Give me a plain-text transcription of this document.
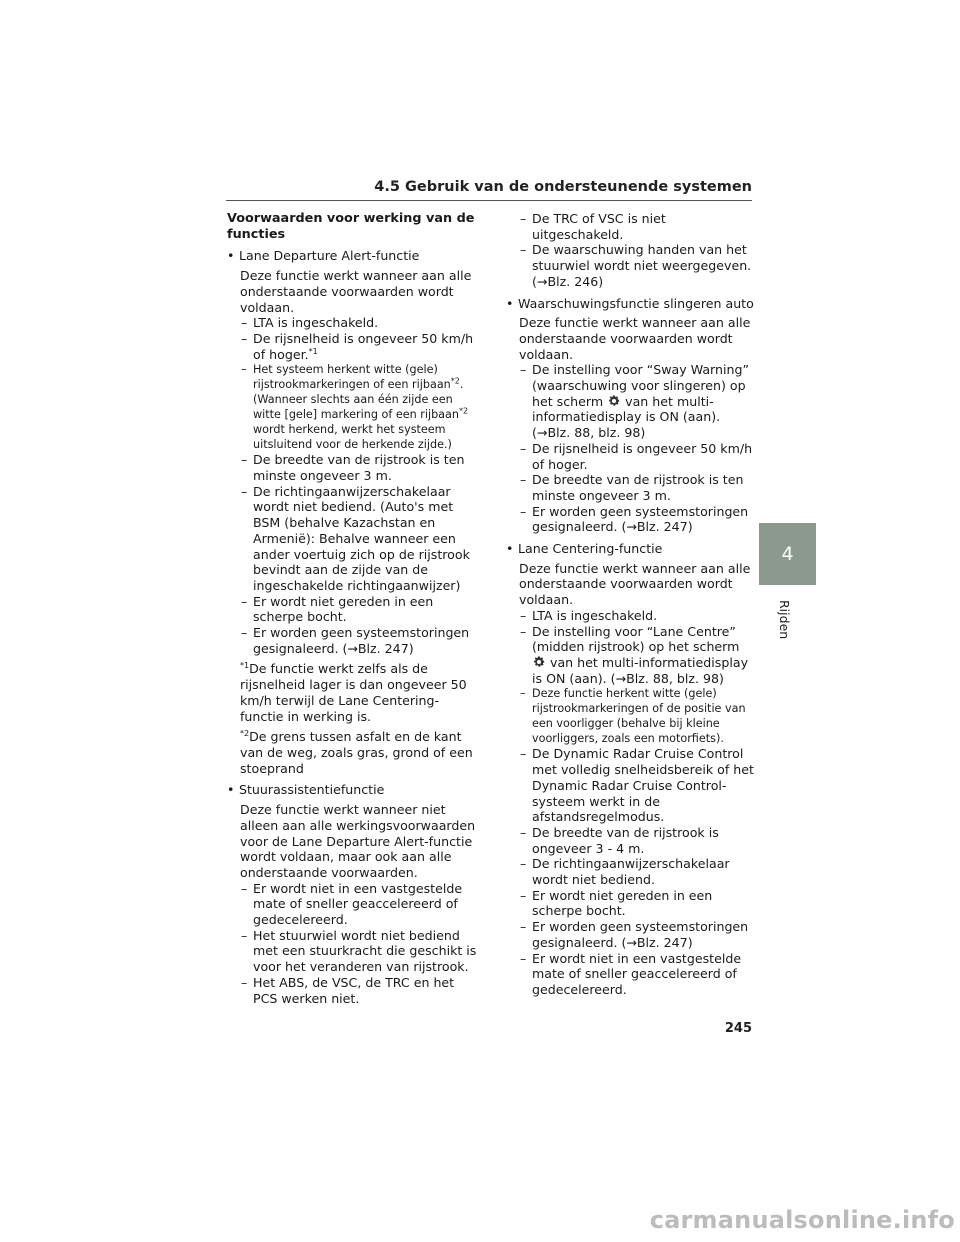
4.5 Gebruik van de ondersteunende systemen
Voorwaarden voor werking van de functies
• Lane Departure Alert-functie
Deze functie werkt wanneer aan alle onderstaande voorwaarden wordt voldaan.
– LTA is ingeschakeld.
– De rijsnelheid is ongeveer 50 km/h of hoger.$^{*1}$
– Het systeem herkent witte (gele) rijstrookmarkeringen of een rijbaan$^{*2}$. (Wanneer slechts aan één zijde een witte [gele] markering of een rijbaan$^{*2}$ wordt herkend, werkt het systeem uitsluitend voor de herkende zijde.)
– De breedte van de rijstrook is ten minste ongeveer 3 m.
– De richtingaanwijzerschakelaar wordt niet bediend. (Auto's met BSM (behalve Kazachstan en Armenië): Behalve wanneer een ander voertuig zich op de rijstrook bevindt aan de zijde van de ingeschakelde richtingaanwijzer)
– Er wordt niet gereden in een scherpe bocht.
– Er worden geen systeemstoringen gesignaleerd. (→Blz. 247)
$^{*1}$De functie werkt zelfs als de rijsnelheid lager is dan ongeveer 50 km/h terwijl de Lane Centering-functie in werking is.
$^{*2}$De grens tussen asfalt en de kant van de weg, zoals gras, grond of een stoeprand
• Stuurassistentiefunctie
Deze functie werkt wanneer niet alleen aan alle werkingsvoorwaarden voor de Lane Departure Alert-functie wordt voldaan, maar ook aan alle onderstaande voorwaarden.
– Er wordt niet in een vastgestelde mate of sneller geaccelereerd of gedecelereerd.
– Het stuurwiel wordt niet bediend met een stuurkracht die geschikt is voor het veranderen van rijstrook.
– Het ABS, de VSC, de TRC en het PCS werken niet.
– De TRC of VSC is niet uitgeschakeld.
– De waarschuwing handen van het stuurwiel wordt niet weergegeven. (→Blz. 246)
• Waarschuwingsfunctie slingeren auto
Deze functie werkt wanneer aan alle onderstaande voorwaarden wordt voldaan.
– De instelling voor “Sway Warning” (waarschuwing voor slingeren) op het scherm  van het multi-informatiedisplay is ON (aan). (→Blz. 88, blz. 98)
– De rijsnelheid is ongeveer 50 km/h of hoger.
– De breedte van de rijstrook is ten minste ongeveer 3 m.
– Er worden geen systeemstoringen gesignaleerd. (→Blz. 247)
• Lane Centering-functie
Deze functie werkt wanneer aan alle onderstaande voorwaarden wordt voldaan.
– LTA is ingeschakeld.
– De instelling voor “Lane Centre” (midden rijstrook) op het scherm  van het multi-informatiedisplay is ON (aan). (→Blz. 88, blz. 98)
– Deze functie herkent witte (gele) rijstrookmarkeringen of de positie van een voorligger (behalve bij kleine voorliggers, zoals een motorfiets).
– De Dynamic Radar Cruise Control met volledig snelheidsbereik of het Dynamic Radar Cruise Control-systeem werkt in de afstandsregelmodus.
– De breedte van de rijstrook is ongeveer 3 - 4 m.
– De richtingaanwijzerschakelaar wordt niet bediend.
– Er wordt niet gereden in een scherpe bocht.
– Er worden geen systeemstoringen gesignaleerd. (→Blz. 247)
– Er wordt niet in een vastgestelde mate of sneller geaccelereerd of gedecelereerd.
4
Rijden
245
carmanualsonline.info
